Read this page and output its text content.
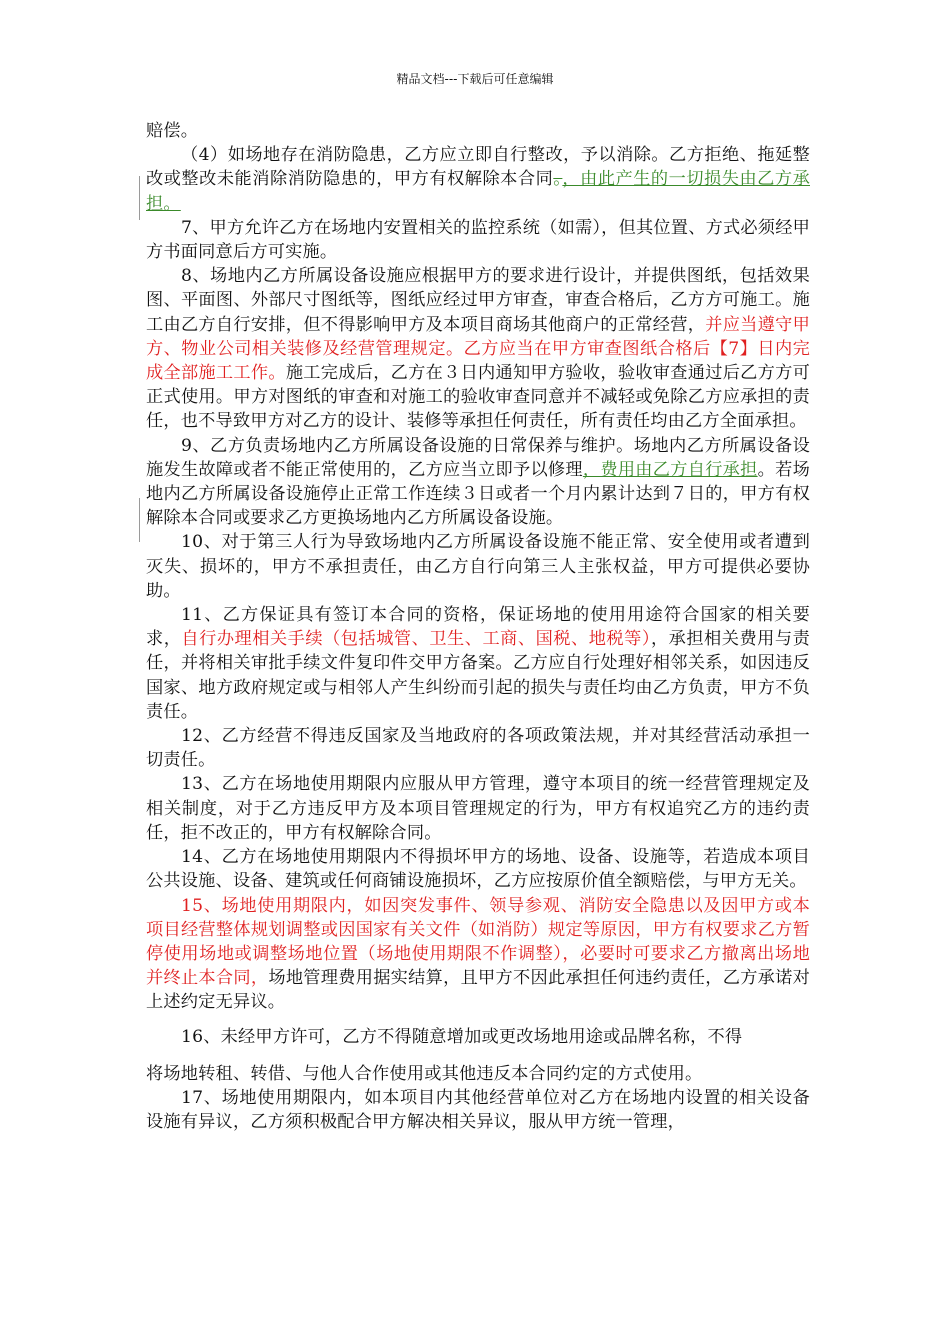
精品文档---下载后可任意编辑

赔偿。

（4）如场地存在消防隐患，乙方应立即自行整改，予以消除。乙方拒绝、拖延整改或整改未能消除消防隐患的，甲方有权解除本合同。，由此产生的一切损失由乙方承担。

7、甲方允许乙方在场地内安置相关的监控系统（如需），但其位置、方式必须经甲方书面同意后方可实施。

8、场地内乙方所属设备设施应根据甲方的要求进行设计，并提供图纸，包括效果图、平面图、外部尺寸图纸等，图纸应经过甲方审查，审查合格后，乙方方可施工。施工由乙方自行安排，但不得影响甲方及本项目商场其他商户的正常经营，并应当遵守甲方、物业公司相关装修及经营管理规定。乙方应当在甲方审查图纸合格后【7】日内完成全部施工工作。施工完成后，乙方在３日内通知甲方验收，验收审查通过后乙方方可正式使用。甲方对图纸的审查和对施工的验收审查同意并不减轻或免除乙方应承担的责任，也不导致甲方对乙方的设计、装修等承担任何责任，所有责任均由乙方全面承担。

9、乙方负责场地内乙方所属设备设施的日常保养与维护。场地内乙方所属设备设施发生故障或者不能正常使用的，乙方应当立即予以修理，费用由乙方自行承担。若场地内乙方所属设备设施停止正常工作连续３日或者一个月内累计达到７日的，甲方有权解除本合同或要求乙方更换场地内乙方所属设备设施。

10、对于第三人行为导致场地内乙方所属设备设施不能正常、安全使用或者遭到灭失、损坏的，甲方不承担责任，由乙方自行向第三人主张权益，甲方可提供必要协助。

11、乙方保证具有签订本合同的资格，保证场地的使用用途符合国家的相关要求，自行办理相关手续（包括城管、卫生、工商、国税、地税等），承担相关费用与责任，并将相关审批手续文件复印件交甲方备案。乙方应自行处理好相邻关系，如因违反国家、地方政府规定或与相邻人产生纠纷而引起的损失与责任均由乙方负责，甲方不负责任。

12、乙方经营不得违反国家及当地政府的各项政策法规，并对其经营活动承担一切责任。

13、乙方在场地使用期限内应服从甲方管理，遵守本项目的统一经营管理规定及相关制度，对于乙方违反甲方及本项目管理规定的行为，甲方有权追究乙方的违约责任，拒不改正的，甲方有权解除合同。

14、乙方在场地使用期限内不得损坏甲方的场地、设备、设施等，若造成本项目公共设施、设备、建筑或任何商铺设施损坏，乙方应按原价值全额赔偿，与甲方无关。

15、场地使用期限内，如因突发事件、领导参观、消防安全隐患以及因甲方或本项目经营整体规划调整或因国家有关文件（如消防）规定等原因，甲方有权要求乙方暂停使用场地或调整场地位置（场地使用期限不作调整），必要时可要求乙方撤离出场地并终止本合同，场地管理费用据实结算，且甲方不因此承担任何违约责任，乙方承诺对上述约定无异议。

16、未经甲方许可，乙方不得随意增加或更改场地用途或品牌名称，不得

将场地转租、转借、与他人合作使用或其他违反本合同约定的方式使用。

17、场地使用期限内，如本项目内其他经营单位对乙方在场地内设置的相关设备设施有异议，乙方须积极配合甲方解决相关异议，服从甲方统一管理，
